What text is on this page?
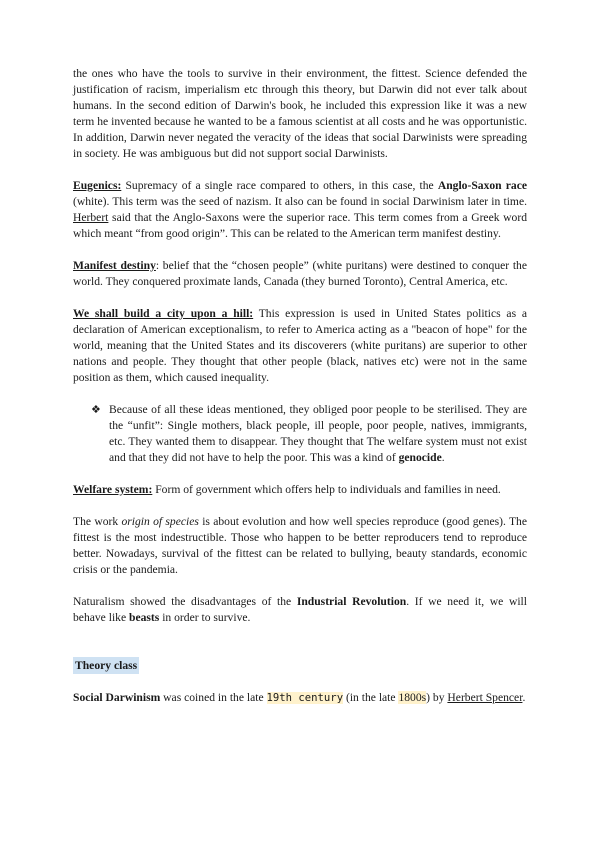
the ones who have the tools to survive in their environment, the fittest. Science defended the justification of racism, imperialism etc through this theory, but Darwin did not ever talk about humans. In the second edition of Darwin's book, he included this expression like it was a new term he invented because he wanted to be a famous scientist at all costs and he was opportunistic. In addition, Darwin never negated the veracity of the ideas that social Darwinists were spreading in society. He was ambiguous but did not support social Darwinists.

Eugenics: Supremacy of a single race compared to others, in this case, the Anglo-Saxon race (white). This term was the seed of nazism. It also can be found in social Darwinism later in time. Herbert said that the Anglo-Saxons were the superior race. This term comes from a Greek word which meant “from good origin”. This can be related to the American term manifest destiny.

Manifest destiny: belief that the “chosen people” (white puritans) were destined to conquer the world. They conquered proximate lands, Canada (they burned Toronto), Central America, etc.

We shall build a city upon a hill: This expression is used in United States politics as a declaration of American exceptionalism, to refer to America acting as a "beacon of hope" for the world, meaning that the United States and its discoverers (white puritans) are superior to other nations and people. They thought that other people (black, natives etc) were not in the same position as them, which caused inequality.

❖ Because of all these ideas mentioned, they obliged poor people to be sterilised. They are the “unfit”: Single mothers, black people, ill people, poor people, natives, immigrants, etc. They wanted them to disappear. They thought that The welfare system must not exist and that they did not have to help the poor. This was a kind of genocide.

Welfare system: Form of government which offers help to individuals and families in need.

The work origin of species is about evolution and how well species reproduce (good genes). The fittest is the most indestructible. Those who happen to be better reproducers tend to reproduce better. Nowadays, survival of the fittest can be related to bullying, beauty standards, economic crisis or the pandemia.

Naturalism showed the disadvantages of the Industrial Revolution. If we need it, we will behave like beasts in order to survive.

Theory class

Social Darwinism was coined in the late 19th century (in the late 1800s) by Herbert Spencer.
